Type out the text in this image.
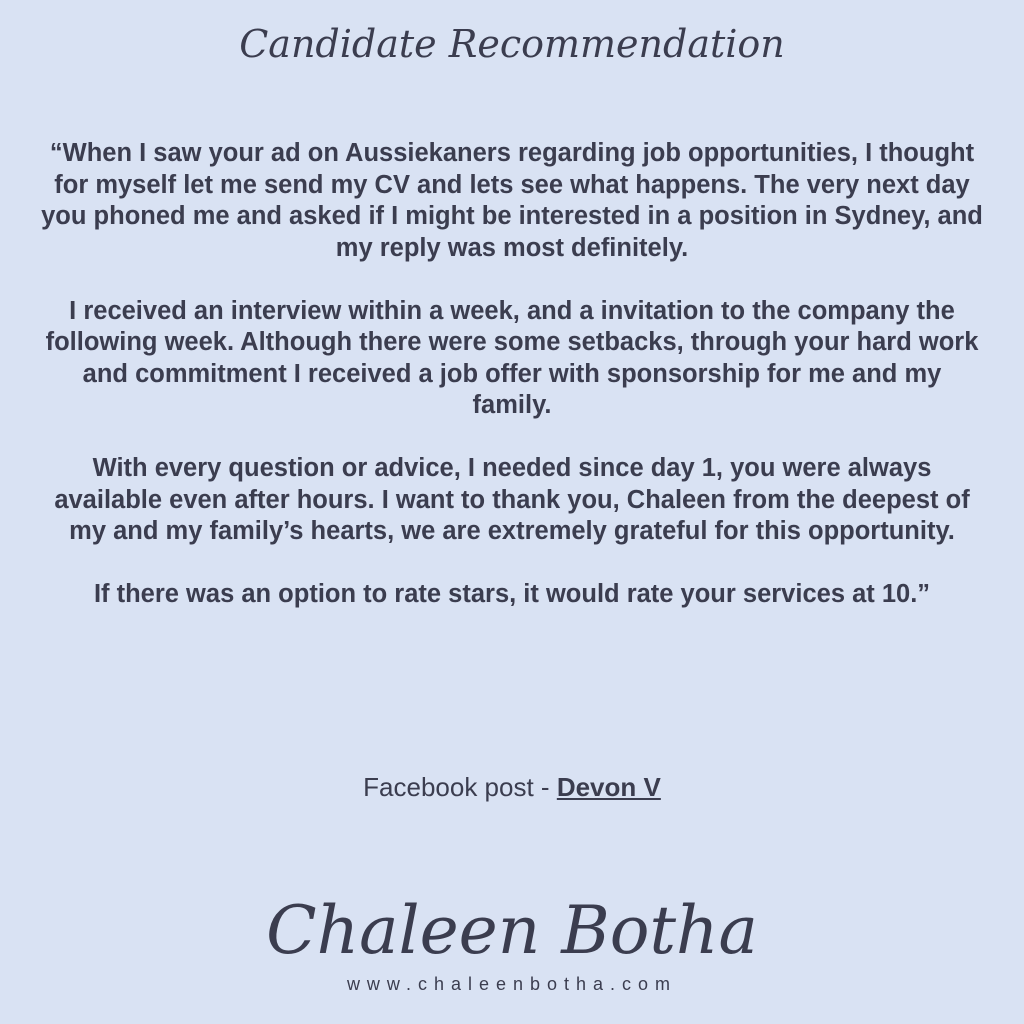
Candidate Recommendation

“When I saw your ad on Aussiekaners regarding job opportunities, I thought for myself let me send my CV and lets see what happens. The very next day you phoned me and asked if I might be interested in a position in Sydney, and my reply was most definitely.

I received an interview within a week, and a invitation to the company the following week. Although there were some setbacks, through your hard work and commitment I received a job offer with sponsorship for me and my family.

With every question or advice, I needed since day 1, you were always available even after hours. I want to thank you, Chaleen from the deepest of my and my family’s hearts, we are extremely grateful for this opportunity.

If there was an option to rate stars, it would rate your services at 10.”

Facebook post - Devon V
Chaleen Botha
www.chaleenbotha.com
